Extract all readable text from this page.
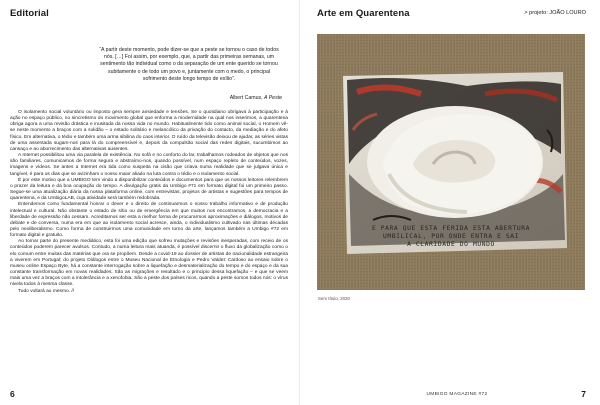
Editorial
“A partir deste momento, pode dizer-se que a peste se tornou o caso de todos nós. […] Foi assim, por exemplo, que, a partir das primeiras semanas, um sentimento tão individual como o da separação de um ente querido se tornou subitamente o de todo um povo e, juntamente com o medo, o principal sofrimento deste longo tempo de exílio”.
Albert Camus, A Peste

O isolamento social voluntário ou imposto gera sempre ansiedade e tensões. Se o quotidiano obrigava à participação e à ação no espaço público, no sincretismo do movimento global que enforma a modernidade na qual nos inserimos, a quarentena obriga agora a uma revisão drástica e inusitada da nossa vida no mundo. Habitualmente tido como animal social, o Homem vê-se neste momento a braços com a solidão – o estado solitário e melancólico da privação do contacto, da mediação e do afeto físico. Em alternativa, o tédio e também uma arma sibilina do caos interior. O ruído da televisão deixou de ajudar, as séries vistas de uma assentada sugam-nos para lá do compreensível e, depois da compulsão social das redes digitais, sucumbimos ao cansaço e ao aborrecimento das alternativas ausentes.

A Internet possibilitou uma via paralela de existência. No sofá e no conforto do lar, trabalhamos rodeados de objetos que nos são familiares, comunicamos de forma segura e abstraímo-nos, quando possível, num espaço repleto de conteúdos, vozes, imagens e vídeos. Se antes a Internet era tida como suspeita na cisão que criava numa realidade que se julgava única e tangível, é para os dias que se avizinham o nosso maior aliado na luta contra o tédio e o isolamento social.

É por este motivo que a UMBIGO tem vindo a disponibilizar conteúdos e documentos para que os nossos leitores relembrem o prazer da leitura e da boa ocupação do tempo. A divulgação gratis da Umbigo #71 em formato digital foi um primeiro passo. Segue-se uma atualização diária da nossa plataforma online, com entrevistas, projetos de artistas e sugestões para tempos de quarentena, e da UmbigoLAB, cuja atividade será também redobrada.

Entendemos como fundamental honrar o dever e o direito de continuarmos o nosso trabalho informativo e de produção intelectual e cultural. Não obstante o estado de sítio ou de emergência em que muitos nos encontramos, a democracia e a liberdade de expressão não cessam. Acreditamos ser esta a melhor forma de procurarmos aproximações e diálogos, motivos de debate e de conversa, numa era em que ao isolamento social acresce, ainda, o individualismo cultivado nas últimas décadas pelo neoliberalismo. Como forma de construirmos uma comunidade em torno da arte, lançamos também a Umbigo #72 em formato digital e gratuito.

Ao tornar parte do presente mediático, esta foi uma edição que sofreu mutações e revisões inesperadas, com receio de os conteúdos poderem parecer avulsos. Contudo, a numa leitura mais atuanda, é possível discernir o fluxo da globalização como o elo comum entre muitas das matérias que ora se propõem. Desde a covid-19 ao dossier de artistas de nacionalidade estrangeira a viverem em Portugal; do projeto Diálogos entre o Museu Nacional de Etnologia e Pedro Valdez Cardoso ao ensaio sobre o museu online Espaço Byte, há a constante interrogação sobre a liquefação e desmaterialização do tempo e do espaço e da sua constante transformação em novas realidades. São as migrações e resultado e o principio dessa liquefação – e que se veem mais uma vez a braços com a intolerância e a xenofobia. São a peste dos países ricos, quando a peste somos todos nós: o vírus nivela todos à mesma classe.

Tudo voltará ao mesmo. //

6
Arte em Quarentena	> projeto: JOÃO LOURO
E PARA QUE ESTA FERIDA ESTA ABERTURA
UMBILICAL, POR ONDE ENTRA E SAI
A CLARIDADE DO MUNDO
Sem título, 2020
UMBIGO MAGAZINE #72	7
